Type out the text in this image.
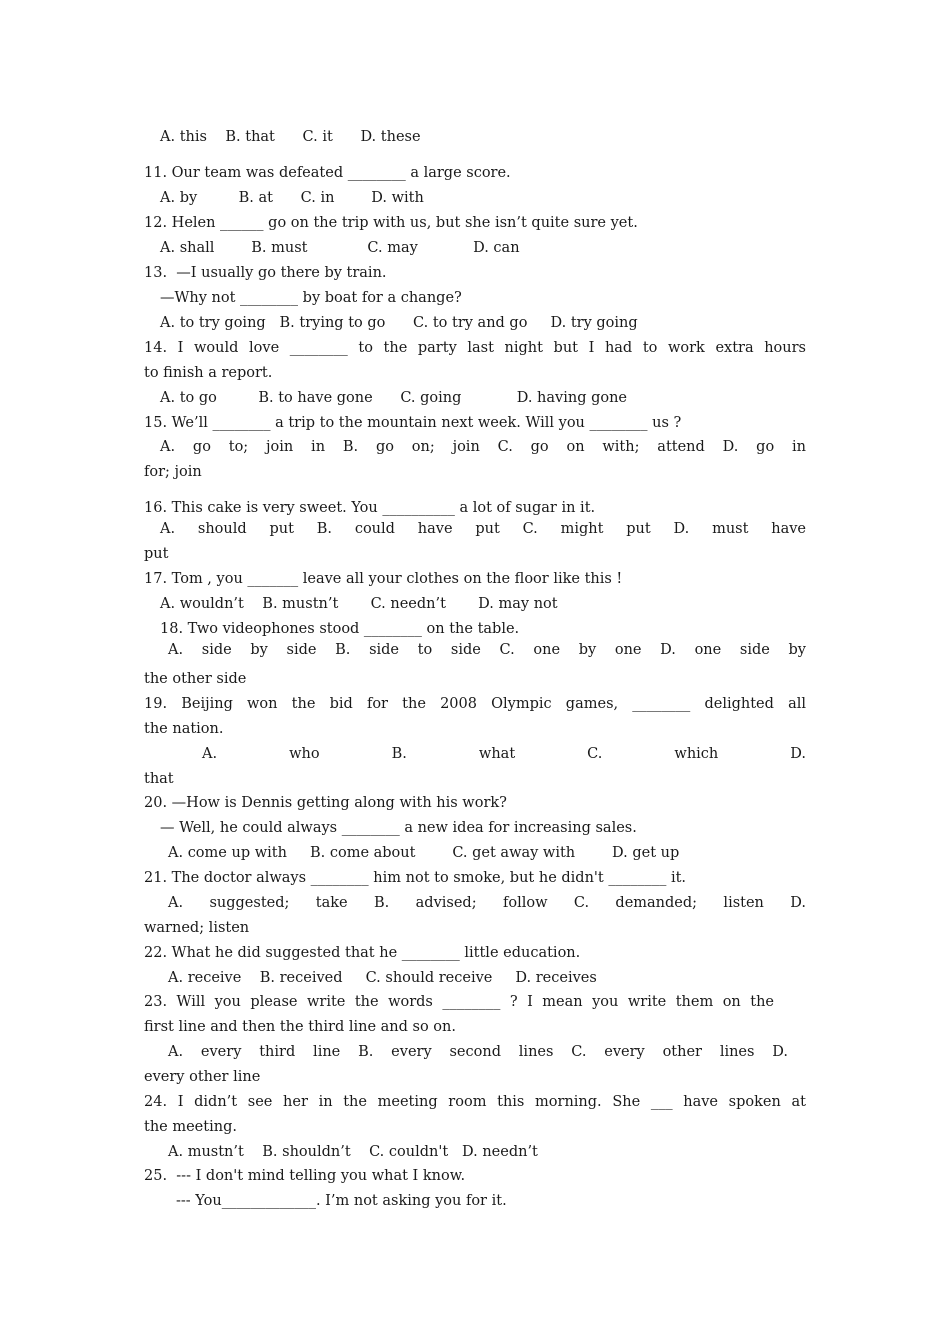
A. this    B. that      C. it      D. these
11. Our team was defeated ________ a large score.
A. by         B. at      C. in        D. with
12. Helen ______ go on the trip with us, but she isn’t quite sure yet.
A. shall        B. must             C. may            D. can
13.  —I usually go there by train.
—Why not ________ by boat for a change?
A. to try going   B. trying to go      C. to try and go     D. try going
14. I would love ________ to the party last night but I had to work extra hours
to finish a report.
A. to go         B. to have gone      C. going            D. having gone
15. We’ll ________ a trip to the mountain next week. Will you ________ us ?
A. go to; join in B. go on; join C. go on with; attend D. go in
for; join
16. This cake is very sweet. You __________ a lot of sugar in it.
A. should put B. could have put C. might put D. must have
put
17. Tom , you _______ leave all your clothes on the floor like this !
A. wouldn’t    B. mustn’t       C. needn’t       D. may not
18. Two videophones stood ________ on the table.
A. side by side B. side to side C. one by one D. one side by
the other side
19. Beijing won the bid for the 2008 Olympic games, ________ delighted all
the nation.
A. who B. what C. which D.
that
20. —How is Dennis getting along with his work?
— Well, he could always ________ a new idea for increasing sales.
A. come up with     B. come about        C. get away with        D. get up
21. The doctor always ________ him not to smoke, but he didn't ________ it.
A. suggested; take B. advised; follow C. demanded; listen D.
warned; listen
22. What he did suggested that he ________ little education.
A. receive    B. received     C. should receive     D. receives
23. Will you please write the words ________ ? I mean you write them on the
first line and then the third line and so on.
A. every third line B. every second lines C. every other lines D.
every other line
24. I didn’t see her in the meeting room this morning. She ___ have spoken at
the meeting.
A. mustn’t    B. shouldn’t    C. couldn't   D. needn’t
25.  --- I don't mind telling you what I know.
--- You_____________. I’m not asking you for it.
